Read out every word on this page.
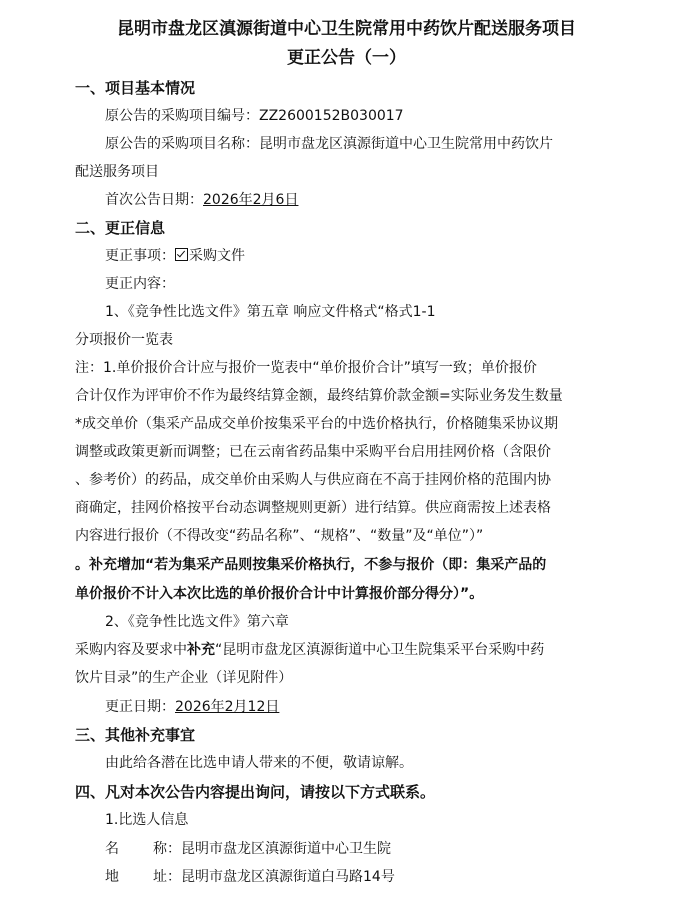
昆明市盘龙区滇源街道中心卫生院常用中药饮片配送服务项目
更正公告（一）
一、项目基本情况
原公告的采购项目编号：ZZ2600152B030017
原公告的采购项目名称：昆明市盘龙区滇源街道中心卫生院常用中药饮片
配送服务项目
首次公告日期：2026年2月6日
二、更正信息
更正事项： 采购文件
更正内容：
1、《竞争性比选文件》第五章 响应文件格式“格式1-1
分项报价一览表
注：1.单价报价合计应与报价一览表中“单价报价合计”填写一致；单价报价
合计仅作为评审价不作为最终结算金额，最终结算价款金额=实际业务发生数量
*成交单价（集采产品成交单价按集采平台的中选价格执行，价格随集采协议期
调整或政策更新而调整；已在云南省药品集中采购平台启用挂网价格（含限价
、参考价）的药品，成交单价由采购人与供应商在不高于挂网价格的范围内协
商确定，挂网价格按平台动态调整规则更新）进行结算。供应商需按上述表格
内容进行报价（不得改变“药品名称”、“规格”、“数量”及“单位”）”
。补充增加“若为集采产品则按集采价格执行，不参与报价（即：集采产品的
单价报价不计入本次比选的单价报价合计中计算报价部分得分）”。
2、《竞争性比选文件》第六章
采购内容及要求中补充“昆明市盘龙区滇源街道中心卫生院集采平台采购中药
饮片目录”的生产企业（详见附件）
更正日期：2026年2月12日
三、其他补充事宜
由此给各潜在比选申请人带来的不便，敬请谅解。
四、凡对本次公告内容提出询问，请按以下方式联系。
1.比选人信息
名 称：昆明市盘龙区滇源街道中心卫生院
地 址：昆明市盘龙区滇源街道白马路14号
